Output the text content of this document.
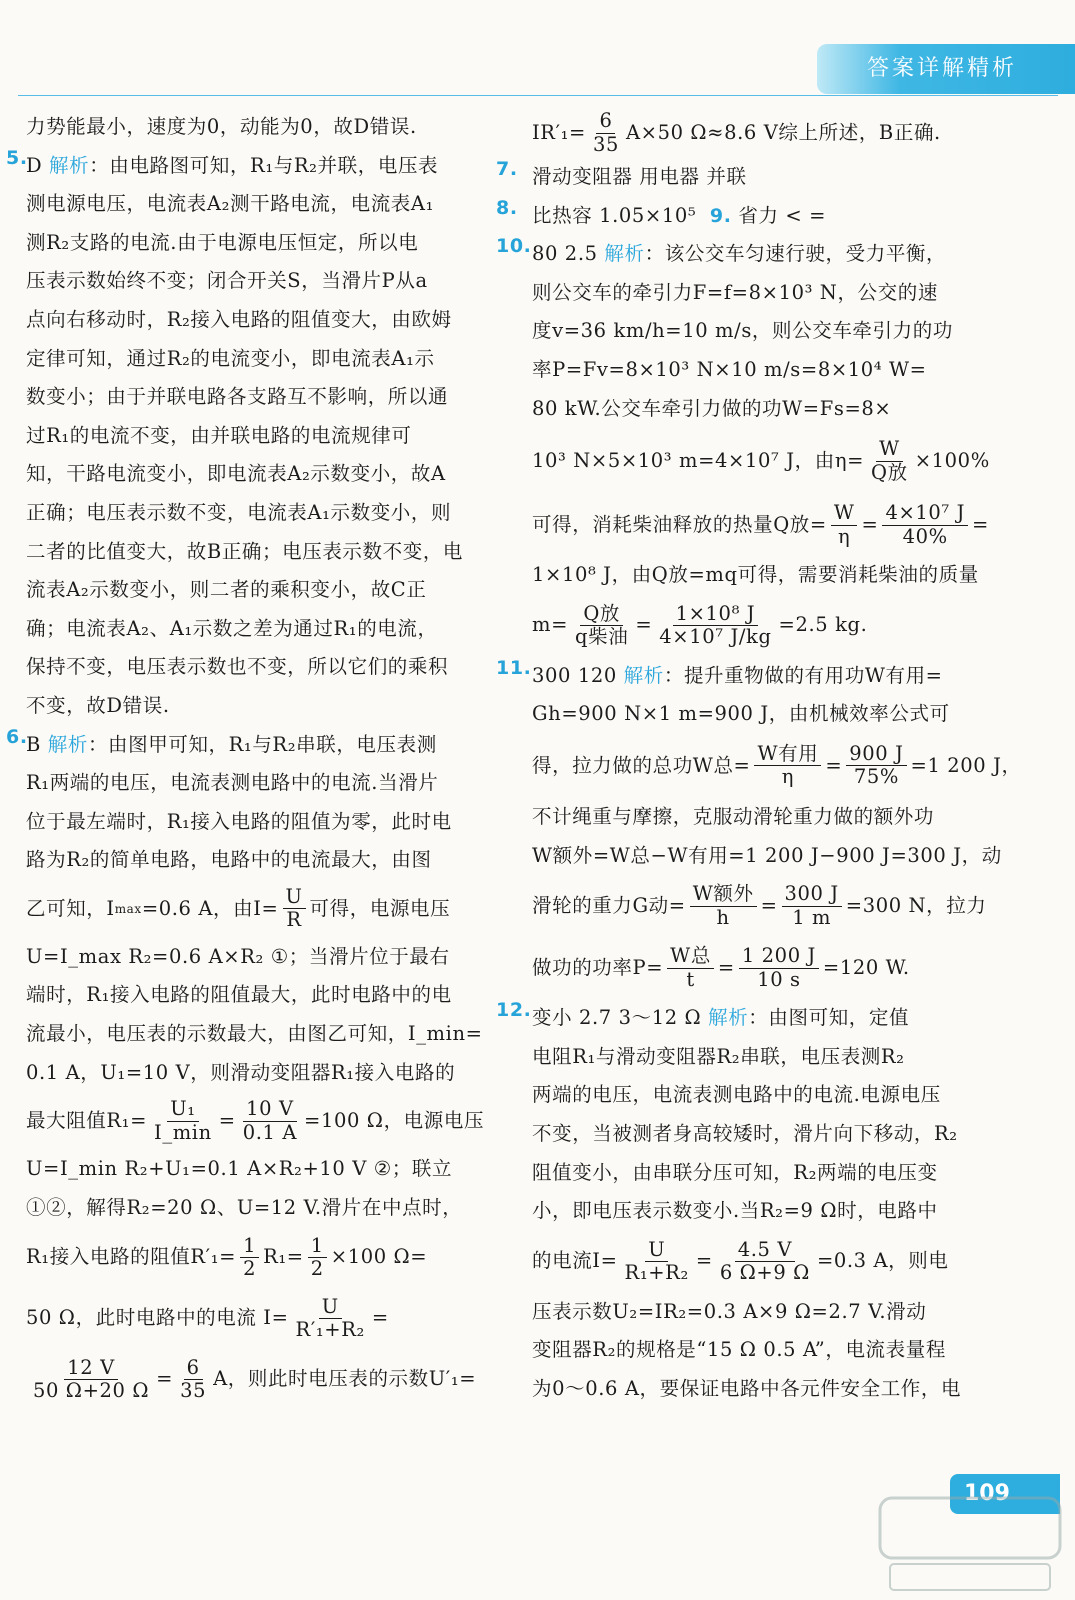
答案详解精析
力势能最小，速度为0，动能为0，故D错误.
5.
D 解析：由电路图可知，R₁与R₂并联，电压表
测电源电压，电流表A₂测干路电流，电流表A₁
测R₂支路的电流.由于电源电压恒定，所以电
压表示数始终不变；闭合开关S，当滑片P从a
点向右移动时，R₂接入电路的阻值变大，由欧姆
定律可知，通过R₂的电流变小，即电流表A₁示
数变小；由于并联电路各支路互不影响，所以通
过R₁的电流不变，由并联电路的电流规律可
知，干路电流变小，即电流表A₂示数变小，故A
正确；电压表示数不变，电流表A₁示数变小，则
二者的比值变大，故B正确；电压表示数不变，电
流表A₂示数变小，则二者的乘积变小，故C正
确；电流表A₂、A₁示数之差为通过R₁的电流，
保持不变，电压表示数也不变，所以它们的乘积
不变，故D错误.
6.
B 解析：由图甲可知，R₁与R₂串联，电压表测
R₁两端的电压，电流表测电路中的电流.当滑片
位于最左端时，R₁接入电路的阻值为零，此时电
路为R₂的简单电路，电路中的电流最大，由图
乙可知，I max =0.6 A，由$I= \frac{U}{R}$ 可得，电源电压
U=I_max R₂=0.6 A×R₂ ①；当滑片位于最右
端时，R₁接入电路的阻值最大，此时电路中的电
流最小，电压表的示数最大，由图乙可知，I_min=
0.1 A，U₁=10 V，则滑动变阻器R₁接入电路的
最大阻值$R_1= \frac{\text{U₁}}{I\_\min} = \frac{10 V}{0.1 A} =100$ Ω，电源电压
U=I_min R₂+U₁=0.1 A×R₂+10 V ②；联立
①②，解得R₂=20 Ω、U=12 V.滑片在中点时，
R₁接入电路的阻值$R'_1= \frac{1}{2} R_1= \frac{1}{2} \times 100$ Ω=
50 Ω，此时电路中的电流 $I= \frac{U}{\text{R′₁+R₂}}$ =
$\frac{12 V}{50 \Omega+20 \Omega} = \frac{6}{35}$ A，则此时电压表的示数U′₁=
$IR'_1= \frac{6}{35} A\times 50$ Ω≈8.6 V综上所述，B正确.
7. 滑动变阻器 用电器 并联
8. 比热容 1.05×10⁵ 9. 省力 < =
10. 80 2.5 解析：该公交车匀速行驶，受力平衡，
则公交车的牵引力F=f=8×10³ N，公交的速
度v=36 km/h=10 m/s，则公交车牵引力的功
率P=Fv=8×10³ N×10 m/s=8×10⁴ W=
80 kW.公交车牵引力做的功W=Fs=8×
10³ N×5×10³ m=4×10⁷ J，由$\eta= \frac{W}{\text{Q放}} \times 100\%$
可得，消耗柴油释放的热量Q放= $\frac{W}{\eta} = \frac{\text{4×10⁷ J}}{40\%}$ =
1×10⁸ J，由Q放=mq可得，需要消耗柴油的质量
$m= \frac{\text{Q放}}{\text{q柴油}} = \frac{\text{1×10⁸ J}}{\text{4×10⁷ J/kg}} =2.5$ kg.
11. 300 120 解析：提升重物做的有用功W有用=
Gh=900 N×1 m=900 J，由机械效率公式可
得，拉力做的总功W总= $\frac{\text{W有用}}{\eta} = \frac{900 J}{75\%} =1$ 200 J，
不计绳重与摩擦，克服动滑轮重力做的额外功
W额外=W总−W有用=1 200 J−900 J=300 J，动
滑轮的重力G动= $\frac{\text{W额外}}{h} = \frac{300 J}{1 m} =300$ N，拉力
做功的功率$P= \frac{\text{W总}}{t} = \frac{1 200 J}{10 s} =120$ W.
12. 变小 2.7 3～12 Ω 解析：由图可知，定值
电阻R₁与滑动变阻器R₂串联，电压表测R₂
两端的电压，电流表测电路中的电流.电源电压
不变，当被测者身高较矮时，滑片向下移动，R₂
阻值变小，由串联分压可知，R₂两端的电压变
小，即电压表示数变小.当R₂=9 Ω时，电路中
的电流$I= \frac{U}{\text{R₁+R₂}} = \frac{4.5 V}{6 \Omega+9 \Omega} =0.3$ A，则电
压表示数U₂=IR₂=0.3 A×9 Ω=2.7 V.滑动
变阻器R₂的规格是“15 Ω 0.5 A”，电流表量程
为0～0.6 A，要保证电路中各元件安全工作，电
109
